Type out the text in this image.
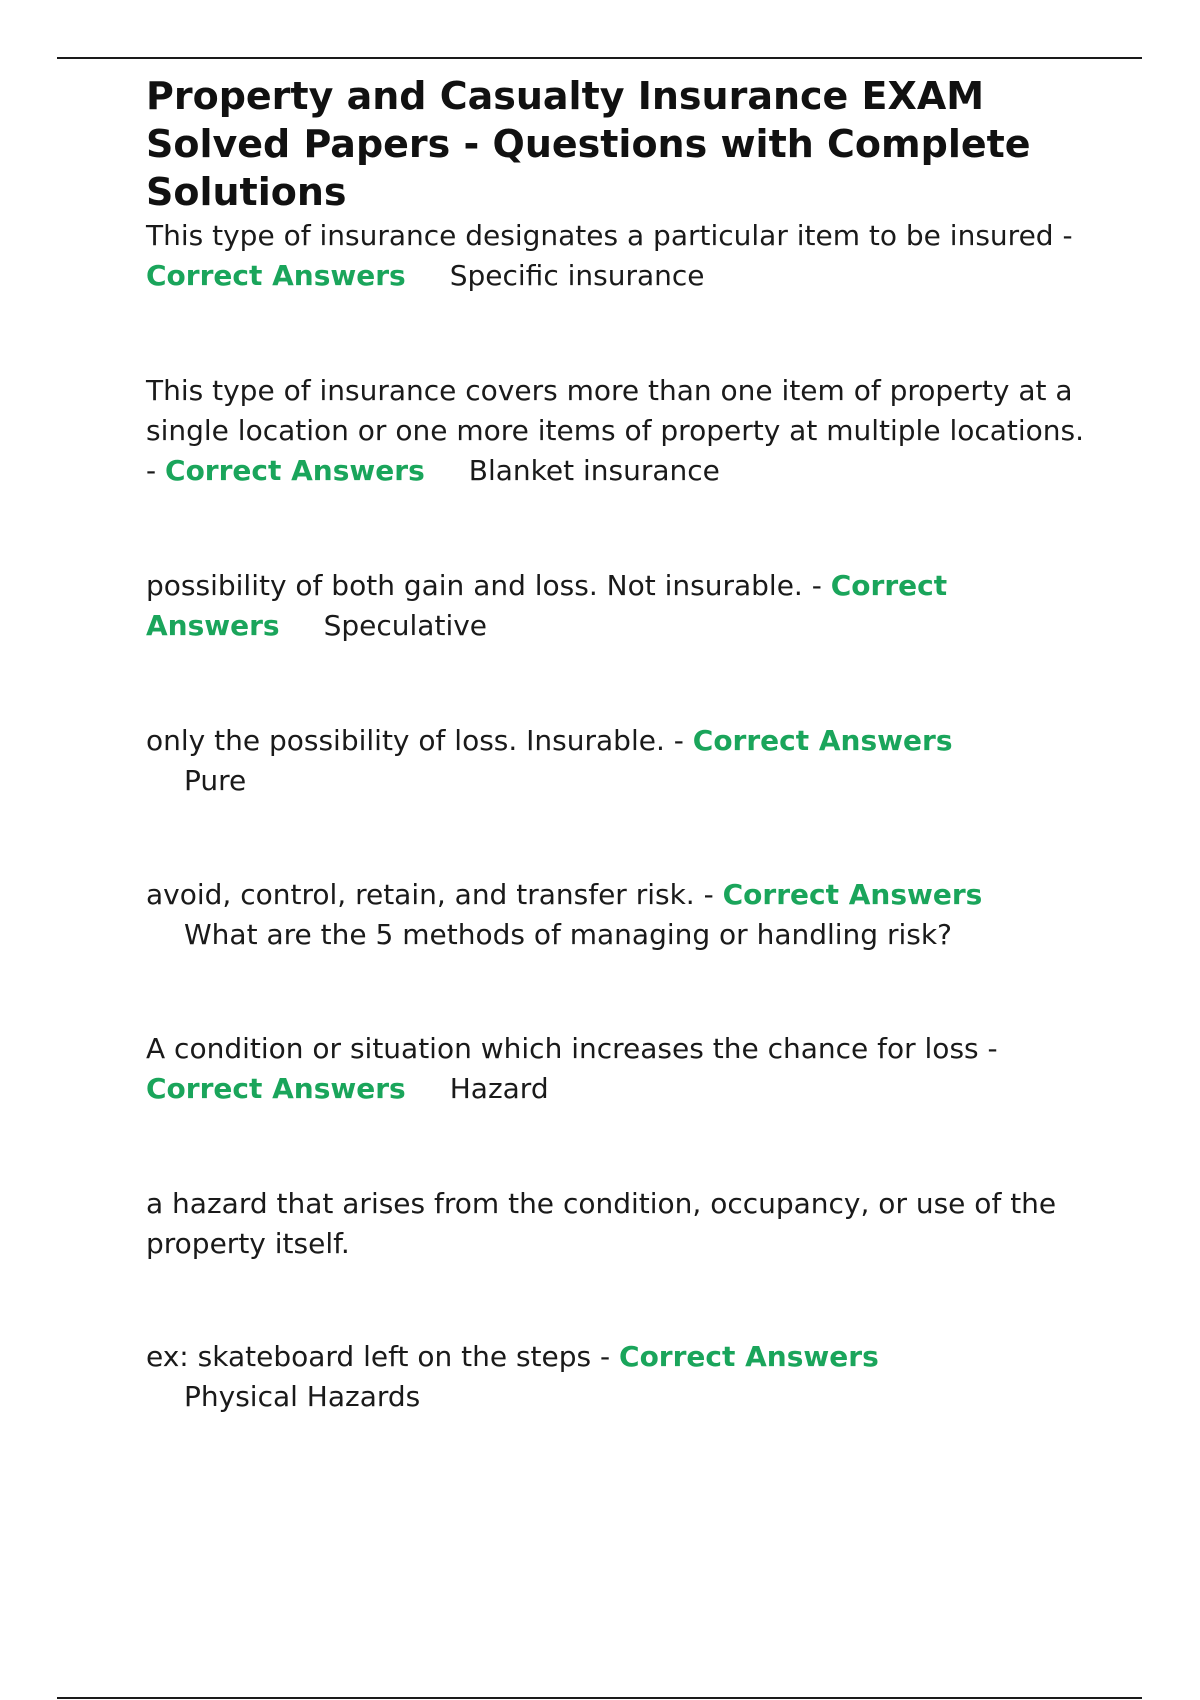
Property and Casualty Insurance EXAM Solved Papers - Questions with Complete Solutions

This type of insurance designates a particular item to be insured - Correct Answers Specific insurance

This type of insurance covers more than one item of property at a single location or one more items of property at multiple locations. - Correct Answers Blanket insurance

possibility of both gain and loss. Not insurable. - Correct Answers Speculative

only the possibility of loss. Insurable. - Correct Answers
Pure

avoid, control, retain, and transfer risk. - Correct Answers
What are the 5 methods of managing or handling risk?

A condition or situation which increases the chance for loss -
Correct Answers Hazard

a hazard that arises from the condition, occupancy, or use of the property itself.

ex: skateboard left on the steps - Correct Answers
Physical Hazards
